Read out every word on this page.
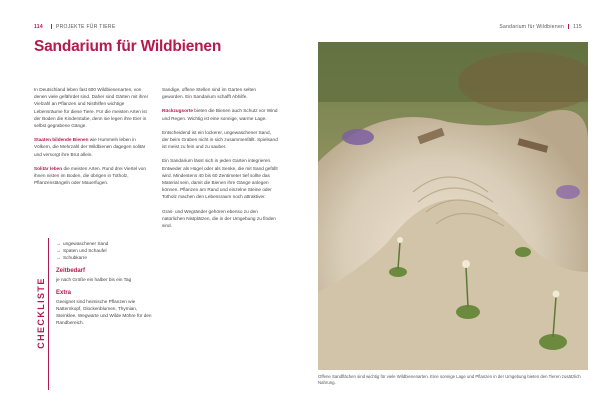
114	PROJEKTE FÜR TIERE
Sandarium für Wildbienen

In Deutschland leben fast 600 Wildbienenarten, von denen viele gefährdet sind. Daher sind Gärten mit ihrer Vielzahl an Pflanzen und Nisthilfen wichtige Lebensräume für diese Tiere. Für die meisten Arten ist der Boden die Kinderstube, denn sie legen ihre Eier in selbst gegrabene Gänge.

Staaten bildende Bienen wie Hummeln leben in Völkern, die Mehrzahl der Wildbienen dagegen solitär und versorgt ihre Brut allein.

Solitär leben die meisten Arten. Rund drei Viertel von ihnen nisten im Boden, die übrigen in Totholz, Pflanzenstängeln oder Mauerfugen.

Sandige, offene Stellen sind im Garten selten geworden. Ein Sandarium schafft Abhilfe.

Rückzugsorte bieten die Bienen auch Schutz vor Wind und Regen. Wichtig ist eine sonnige, warme Lage.

Entscheidend ist ein lockerer, ungewaschener Sand, der beim Graben nicht in sich zusammenfällt. Spielsand ist meist zu fein und zu sauber.

Ein Sandarium lässt sich in jeden Garten integrieren. Entweder als Hügel oder als Senke, die mit Sand gefüllt wird. Mindestens 40 bis 60 Zentimeter tief sollte das Material sein, damit die Bienen ihre Gänge anlegen können. Pflanzen am Rand und einzelne Steine oder Totholz machen den Lebensraum noch attraktiver.

Gras- und Wegränder gehören ebenso zu den natürlichen Nistplätzen, die in der Umgebung zu finden sind.

CHECKLISTE

→ ungewaschener Sand

→ Spaten und Schaufel

→ Schubkarre

Zeitbedarf

je nach Größe ein halber bis ein Tag

Extra

Geeignet sind heimische Pflanzen wie Natternkopf, Glockenblumen, Thymian, Steinklee, Wegwarte und Wilde Möhre für den Randbereich.

Sandarium für Wildbienen 115
Offene Sandflächen sind wichtig für viele Wildbienenarten. Eine sonnige Lage und Pflanzen in der Umgebung bieten den Tieren zusätzlich Nahrung.
